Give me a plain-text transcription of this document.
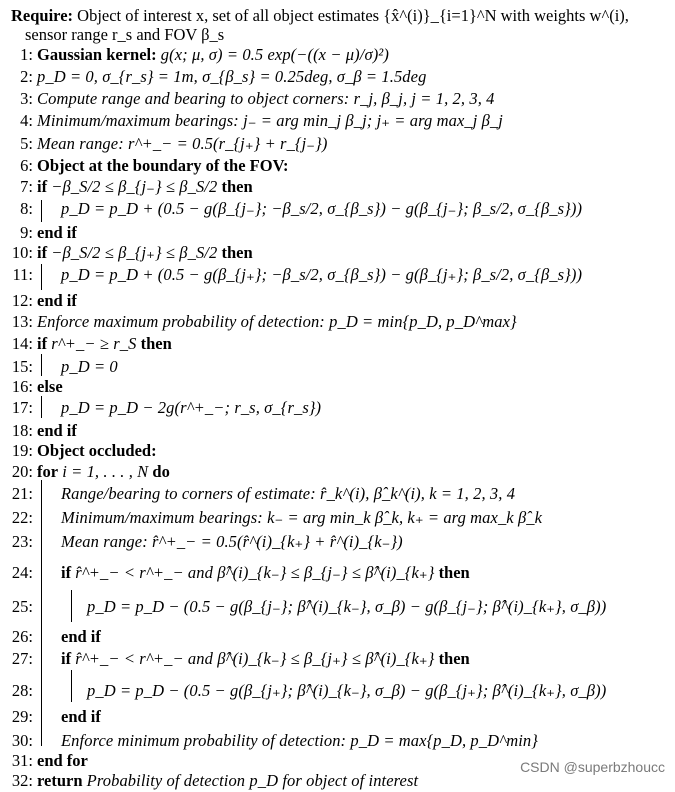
Require: Object of interest x, set of all object estimates {x̂^(i)}_{i=1}^N with weights w^(i),
sensor range r_s and FOV β_s
1: Gaussian kernel: g(x; μ, σ) = 0.5 exp(−((x − μ)/σ)²)
2: p_D = 0, σ_{r_s} = 1m, σ_{β_s} = 0.25deg, σ_β = 1.5deg
3: Compute range and bearing to object corners: r_j, β_j, j = 1, 2, 3, 4
4: Minimum/maximum bearings: j₋ = arg min_j β_j; j₊ = arg max_j β_j
5: Mean range: r^+_− = 0.5(r_{j₊} + r_{j₋})
6: Object at the boundary of the FOV:
7: if −β_S/2 ≤ β_{j₋} ≤ β_S/2 then
8: p_D = p_D + (0.5 − g(β_{j₋}; −β_s/2, σ_{β_s}) − g(β_{j₋}; β_s/2, σ_{β_s}))
9: end if
10: if −β_S/2 ≤ β_{j₊} ≤ β_S/2 then
11: p_D = p_D + (0.5 − g(β_{j₊}; −β_s/2, σ_{β_s}) − g(β_{j₊}; β_s/2, σ_{β_s}))
12: end if
13: Enforce maximum probability of detection: p_D = min{p_D, p_D^max}
14: if r^+_− ≥ r_S then
15: p_D = 0
16: else
17: p_D = p_D − 2g(r^+_−; r_s, σ_{r_s})
18: end if
19: Object occluded:
20: for i = 1, . . . , N do
21: Range/bearing to corners of estimate: r̂_k^(i), β̂_k^(i), k = 1, 2, 3, 4
22: Minimum/maximum bearings: k₋ = arg min_k β̂_k, k₊ = arg max_k β̂_k
23: Mean range: r̂^+_− = 0.5(r̂^(i)_{k₊} + r̂^(i)_{k₋})
24: if r̂^+_− < r^+_− and β̂^(i)_{k₋} ≤ β_{j₋} ≤ β̂^(i)_{k₊} then
25:	p_D = p_D − (0.5 − g(β_{j₋}; β̂^(i)_{k₋}, σ_β) − g(β_{j₋}; β̂^(i)_{k₊}, σ_β))
26: end if
27: if r̂^+_− < r^+_− and β̂^(i)_{k₋} ≤ β_{j₊} ≤ β̂^(i)_{k₊} then
28:	p_D = p_D − (0.5 − g(β_{j₊}; β̂^(i)_{k₋}, σ_β) − g(β_{j₊}; β̂^(i)_{k₊}, σ_β))
29: end if
30: Enforce minimum probability of detection: p_D = max{p_D, p_D^min}
31: end for
32: return Probability of detection p_D for object of interest
CSDN @superbzhoucc
